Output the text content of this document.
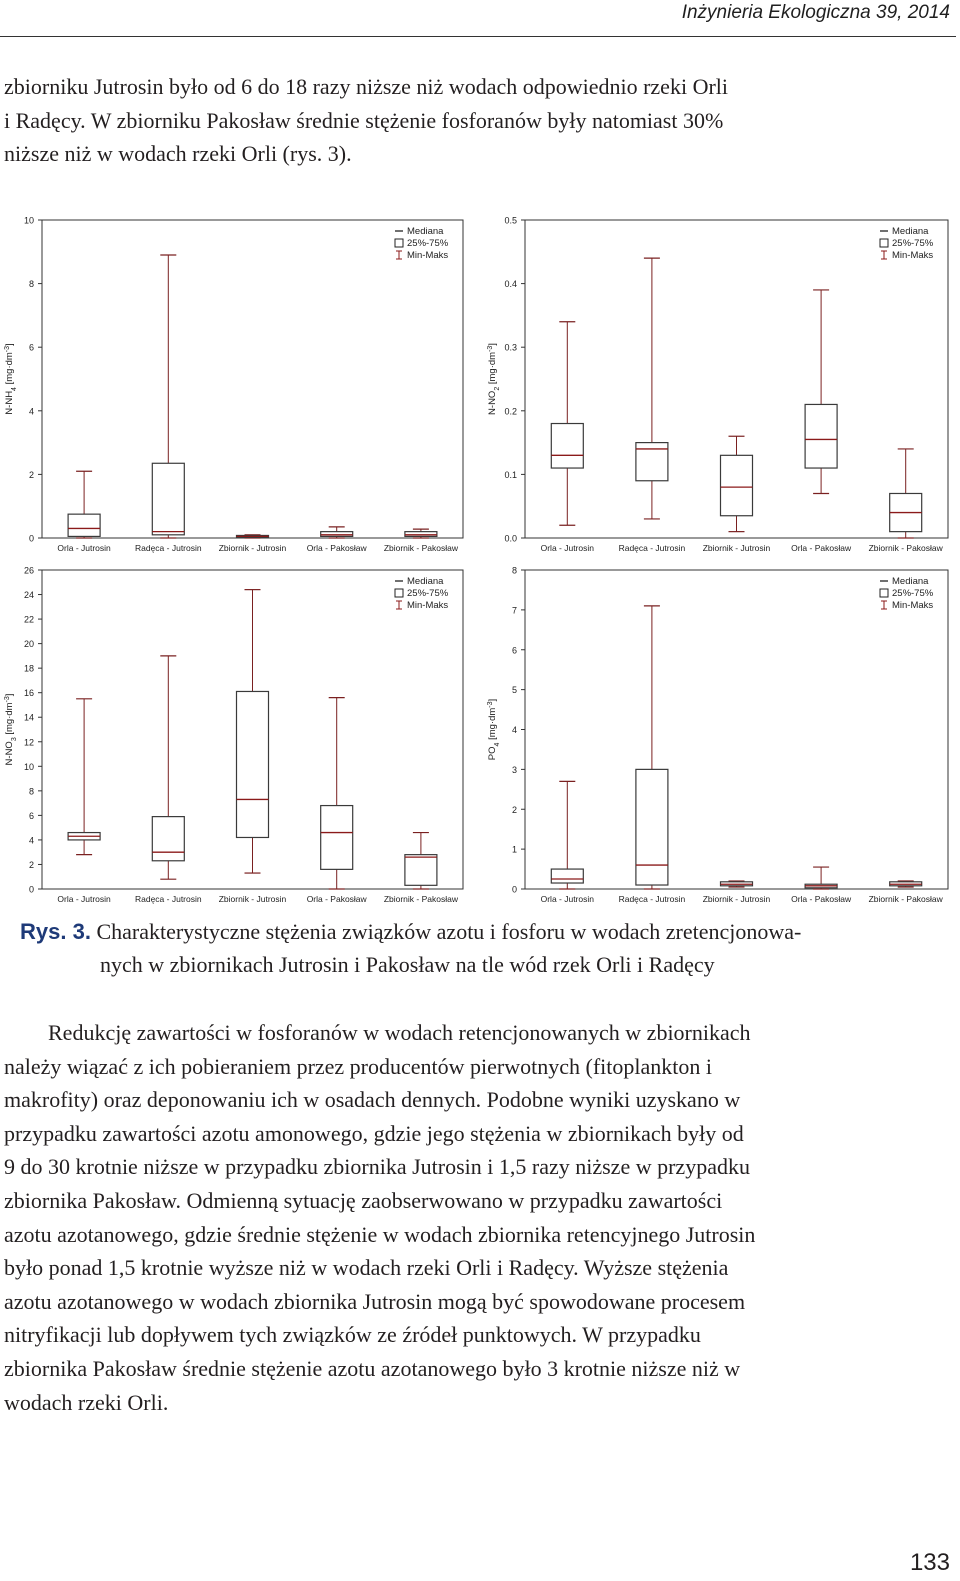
Inżynieria Ekologiczna 39, 2014
zbiorniku Jutrosin było od 6 do 18 razy niższe niż wodach odpowiednio rzeki Orli
i Radęcy. W zbiorniku Pakosław średnie stężenie fosforanów były natomiast 30%
niższe niż w wodach rzeki Orli (rys. 3).
0
2
4
6
8
10
$N-NH_4$ $[mg\cdot dm^{-3}]$
Orla - Jutrosin	Radęca - Jutrosin Zbiornik - Jutrosin Orla - Pakosław Zbiornik - Pakosław
Mediana
25%-75%
Min-Maks
0.0
0.1
0.2
0.3
0.4
0.5
$N-NO_2$ $[mg\cdot dm^{-3}]$
Orla - Jutrosin	Radęca - Jutrosin Zbiornik - Jutrosin Orla - Pakosław Zbiornik - Pakosław
Mediana
25%-75%
Min-Maks
0
2
4
6
8
10
12
14
16
18
20
22
24
26
$N-NO_3$ $[mg\cdot dm^{-3}]$
Orla - Jutrosin	Radęca - Jutrosin Zbiornik - Jutrosin Orla - Pakosław Zbiornik - Pakosław
Mediana
25%-75%
Min-Maks
0
1
2
3
4
5
6
7
8
$PO_4$ $[mg\cdot dm^{-3}]$
Orla - Jutrosin	Radęca - Jutrosin Zbiornik - Jutrosin Orla - Pakosław Zbiornik - Pakosław
Mediana
25%-75%
Min-Maks
Rys. 3. Charakterystyczne stężenia związków azotu i fosforu w wodach zretencjonowa-
nych w zbiornikach Jutrosin i Pakosław na tle wód rzek Orli i Radęcy
Redukcję zawartości w fosforanów w wodach retencjonowanych w zbiornikach
należy wiązać z ich pobieraniem przez producentów pierwotnych (fitoplankton i
makrofity) oraz deponowaniu ich w osadach dennych. Podobne wyniki uzyskano w
przypadku zawartości azotu amonowego, gdzie jego stężenia w zbiornikach były od
9 do 30 krotnie niższe w przypadku zbiornika Jutrosin i 1,5 razy niższe w przypadku
zbiornika Pakosław. Odmienną sytuację zaobserwowano w przypadku zawartości
azotu azotanowego, gdzie średnie stężenie w wodach zbiornika retencyjnego Jutrosin
było ponad 1,5 krotnie wyższe niż w wodach rzeki Orli i Radęcy. Wyższe stężenia
azotu azotanowego w wodach zbiornika Jutrosin mogą być spowodowane procesem
nitryfikacji lub dopływem tych związków ze źródeł punktowych. W przypadku
zbiornika Pakosław średnie stężenie azotu azotanowego było 3 krotnie niższe niż w
wodach rzeki Orli.
133
